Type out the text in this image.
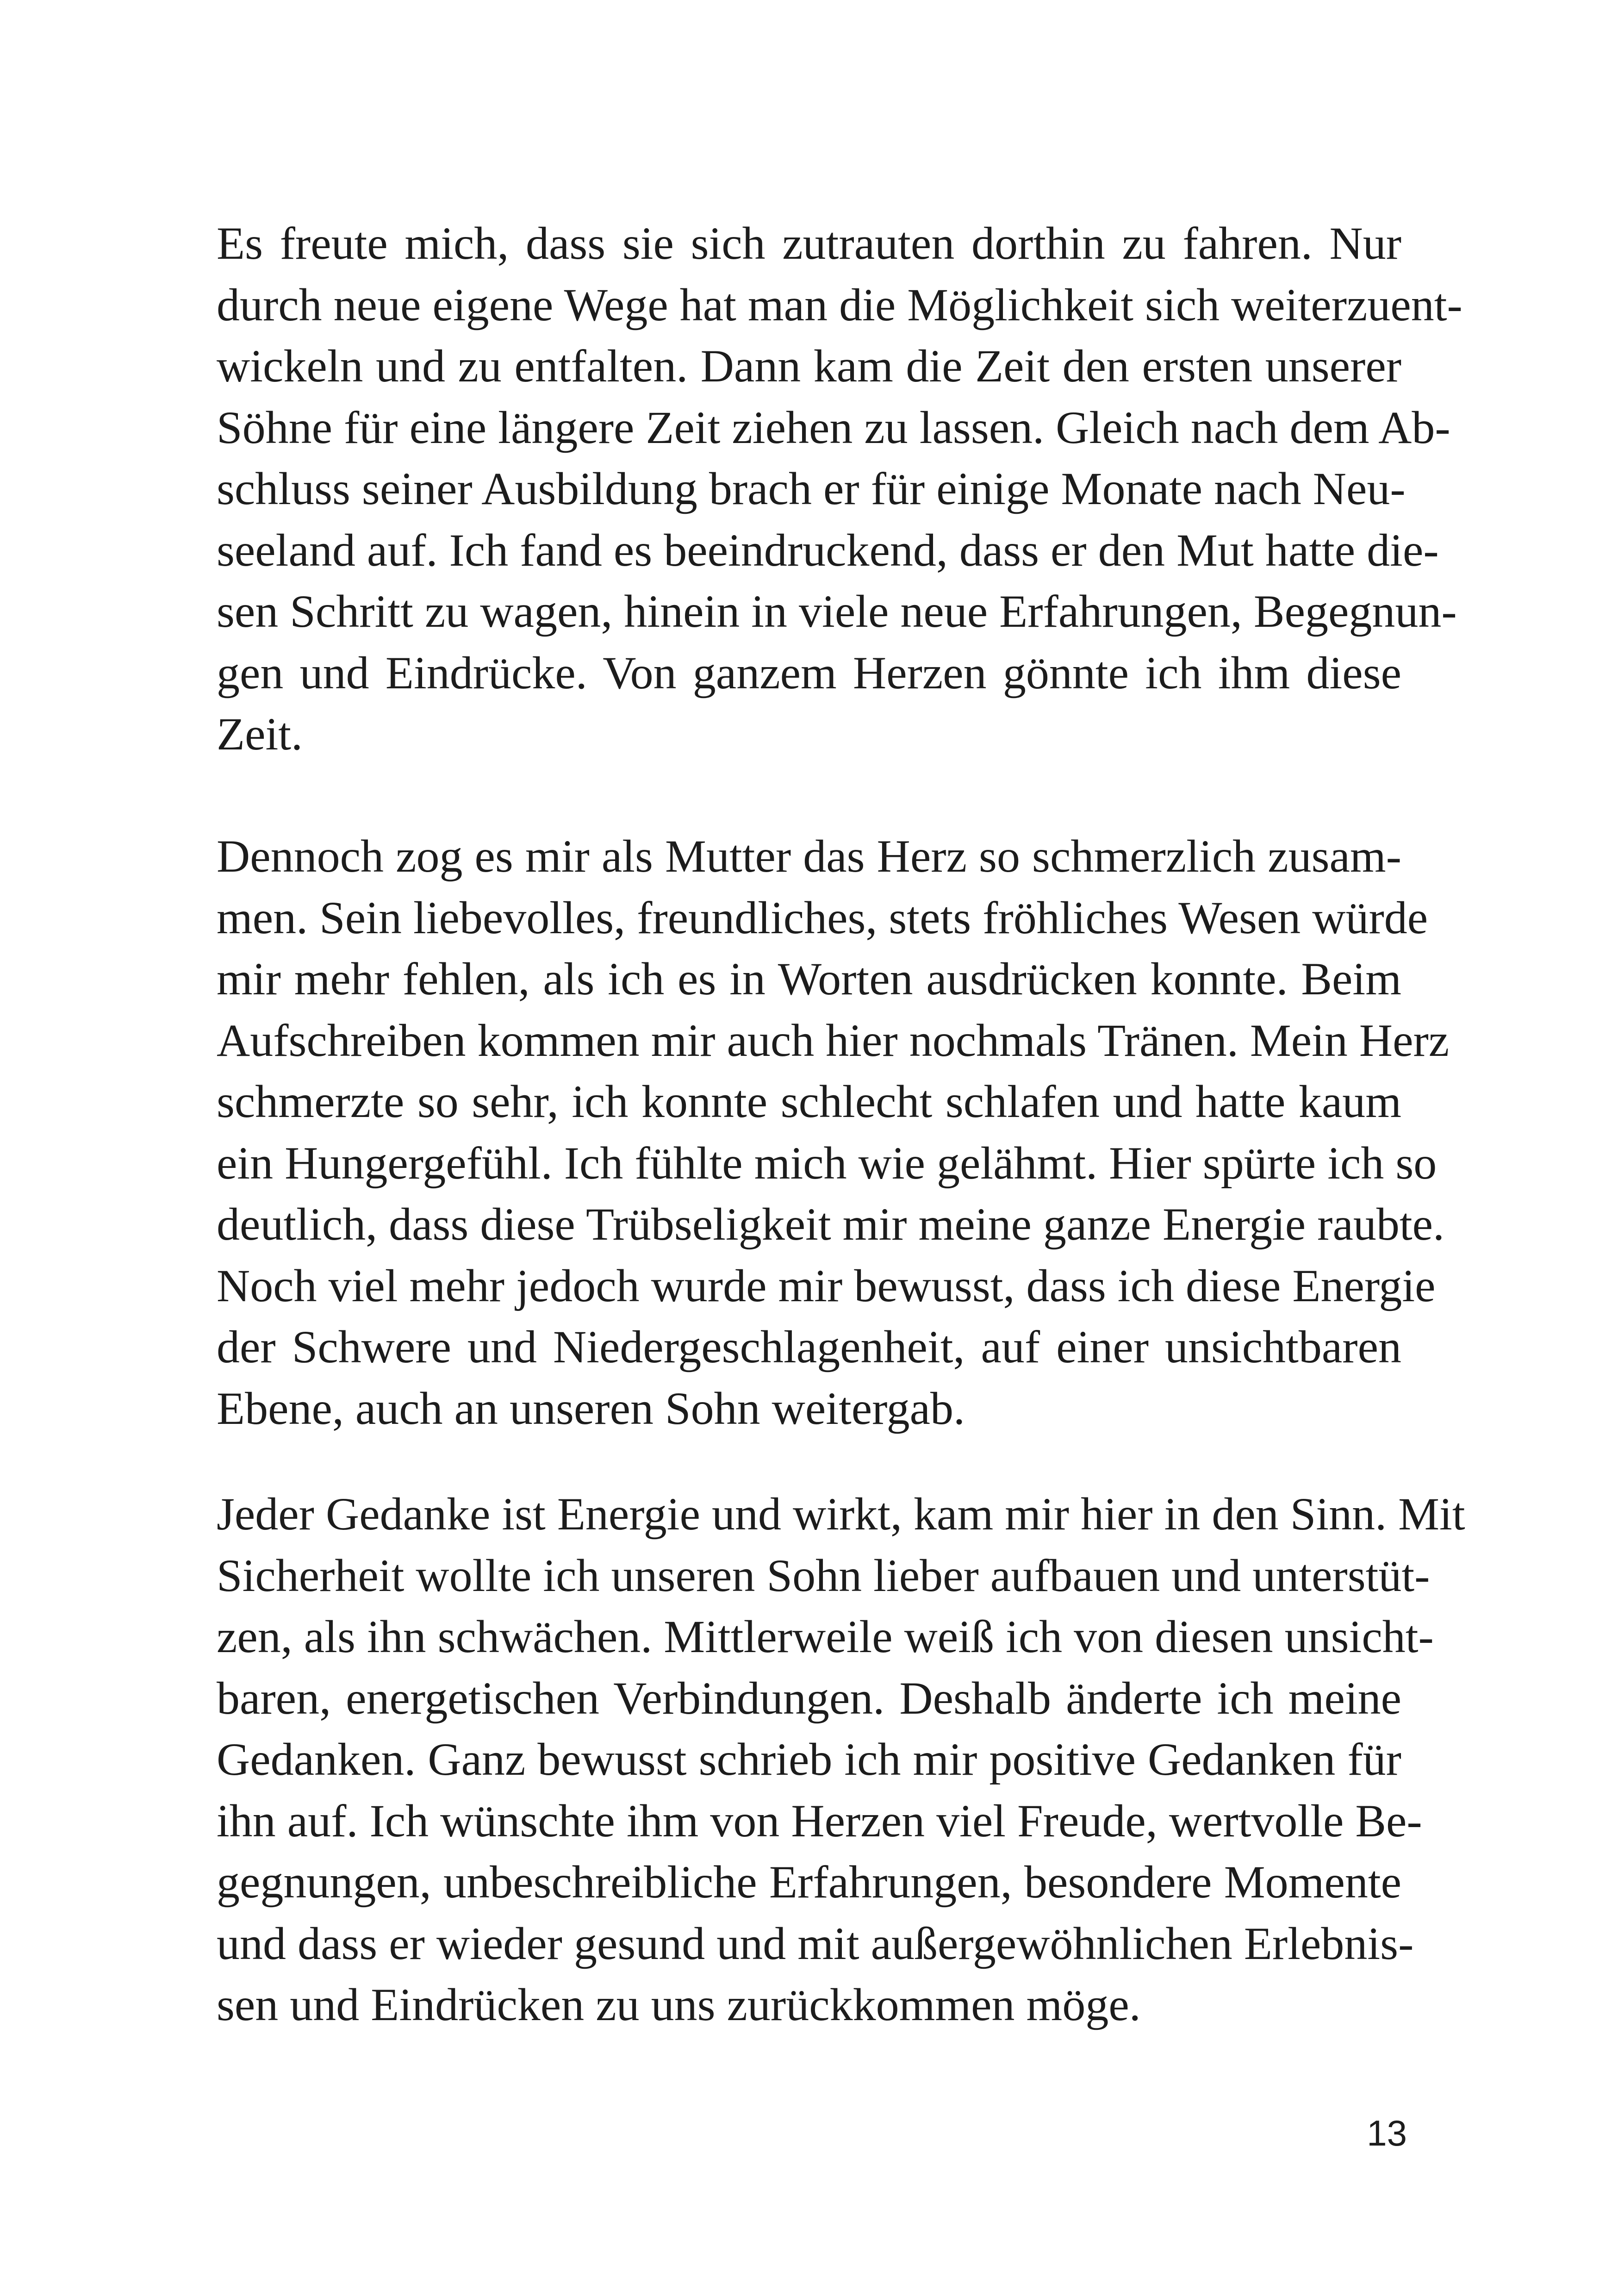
Es freute mich, dass sie sich zutrauten dorthin zu fahren. Nur
durch neue eigene Wege hat man die Möglichkeit sich weiterzuent-
wickeln und zu entfalten. Dann kam die Zeit den ersten unserer
Söhne für eine längere Zeit ziehen zu lassen. Gleich nach dem Ab-
schluss seiner Ausbildung brach er für einige Monate nach Neu-
seeland auf. Ich fand es beeindruckend, dass er den Mut hatte die-
sen Schritt zu wagen, hinein in viele neue Erfahrungen, Begegnun-
gen und Eindrücke. Von ganzem Herzen gönnte ich ihm diese
Zeit.
Dennoch zog es mir als Mutter das Herz so schmerzlich zusam-
men. Sein liebevolles, freundliches, stets fröhliches Wesen würde
mir mehr fehlen, als ich es in Worten ausdrücken konnte. Beim
Aufschreiben kommen mir auch hier nochmals Tränen. Mein Herz
schmerzte so sehr, ich konnte schlecht schlafen und hatte kaum
ein Hungergefühl. Ich fühlte mich wie gelähmt. Hier spürte ich so
deutlich, dass diese Trübseligkeit mir meine ganze Energie raubte.
Noch viel mehr jedoch wurde mir bewusst, dass ich diese Energie
der Schwere und Niedergeschlagenheit, auf einer unsichtbaren
Ebene, auch an unseren Sohn weitergab.
Jeder Gedanke ist Energie und wirkt, kam mir hier in den Sinn. Mit
Sicherheit wollte ich unseren Sohn lieber aufbauen und unterstüt-
zen, als ihn schwächen. Mittlerweile weiß ich von diesen unsicht-
baren, energetischen Verbindungen. Deshalb änderte ich meine
Gedanken. Ganz bewusst schrieb ich mir positive Gedanken für
ihn auf. Ich wünschte ihm von Herzen viel Freude, wertvolle Be-
gegnungen, unbeschreibliche Erfahrungen, besondere Momente
und dass er wieder gesund und mit außergewöhnlichen Erlebnis-
sen und Eindrücken zu uns zurückkommen möge.
13
